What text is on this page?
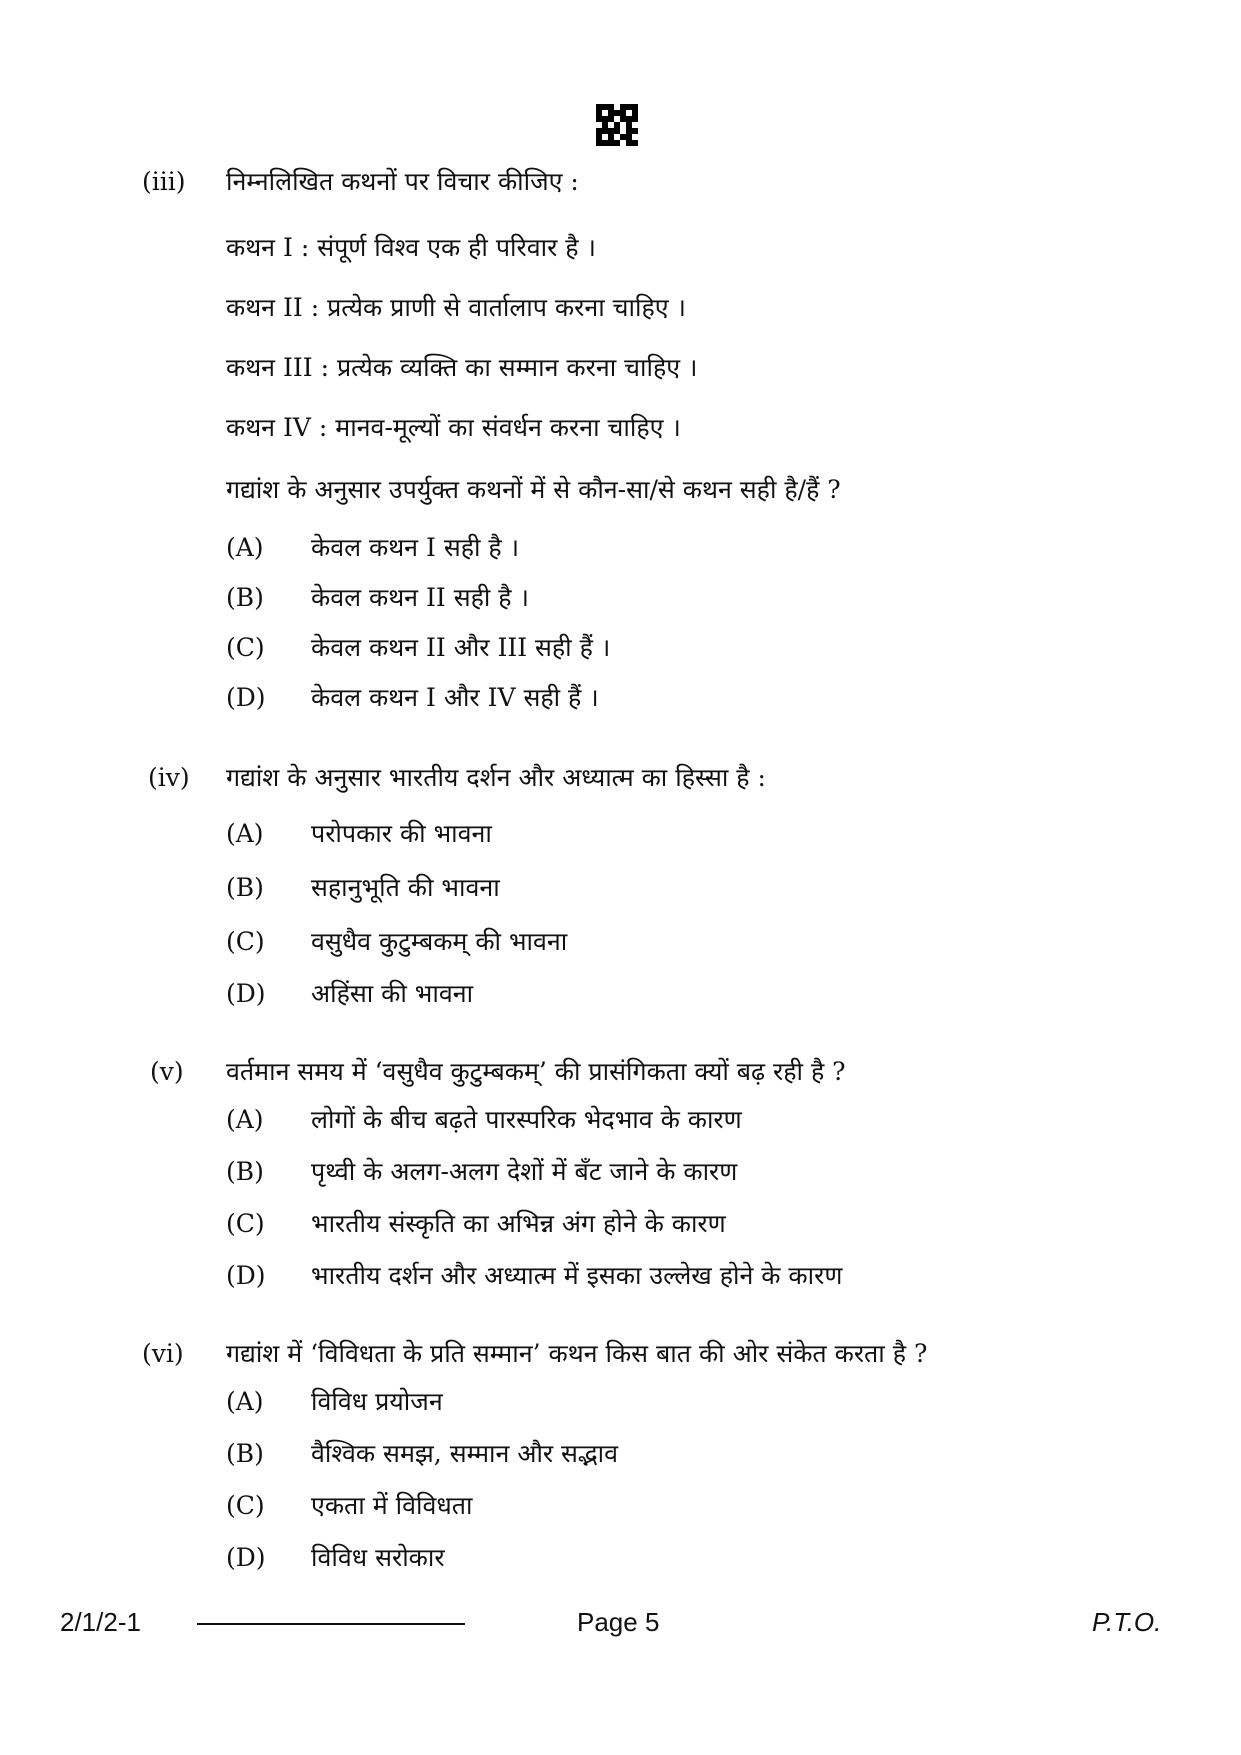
(iii) निम्नलिखित कथनों पर विचार कीजिए :
कथन I : संपूर्ण विश्व एक ही परिवार है ।
कथन II : प्रत्येक प्राणी से वार्तालाप करना चाहिए ।
कथन III : प्रत्येक व्यक्ति का सम्मान करना चाहिए ।
कथन IV : मानव-मूल्यों का संवर्धन करना चाहिए ।
गद्यांश के अनुसार उपर्युक्त कथनों में से कौन-सा/से कथन सही है/हैं ?
(A) केवल कथन I सही है ।
(B) केवल कथन II सही है ।
(C) केवल कथन II और III सही हैं ।
(D) केवल कथन I और IV सही हैं ।
(iv) गद्यांश के अनुसार भारतीय दर्शन और अध्यात्म का हिस्सा है :
(A) परोपकार की भावना
(B) सहानुभूति की भावना
(C) वसुधैव कुटुम्बकम् की भावना
(D) अहिंसा की भावना
(v) वर्तमान समय में ‘वसुधैव कुटुम्बकम्’ की प्रासंगिकता क्यों बढ़ रही है ?
(A) लोगों के बीच बढ़ते पारस्परिक भेदभाव के कारण
(B) पृथ्वी के अलग-अलग देशों में बँट जाने के कारण
(C) भारतीय संस्कृति का अभिन्न अंग होने के कारण
(D) भारतीय दर्शन और अध्यात्म में इसका उल्लेख होने के कारण
(vi) गद्यांश में ‘विविधता के प्रति सम्मान’ कथन किस बात की ओर संकेत करता है ?
(A) विविध प्रयोजन
(B) वैश्विक समझ, सम्मान और सद्भाव
(C) एकता में विविधता
(D) विविध सरोकार
2/1/2-1	Page 5	P.T.O.
